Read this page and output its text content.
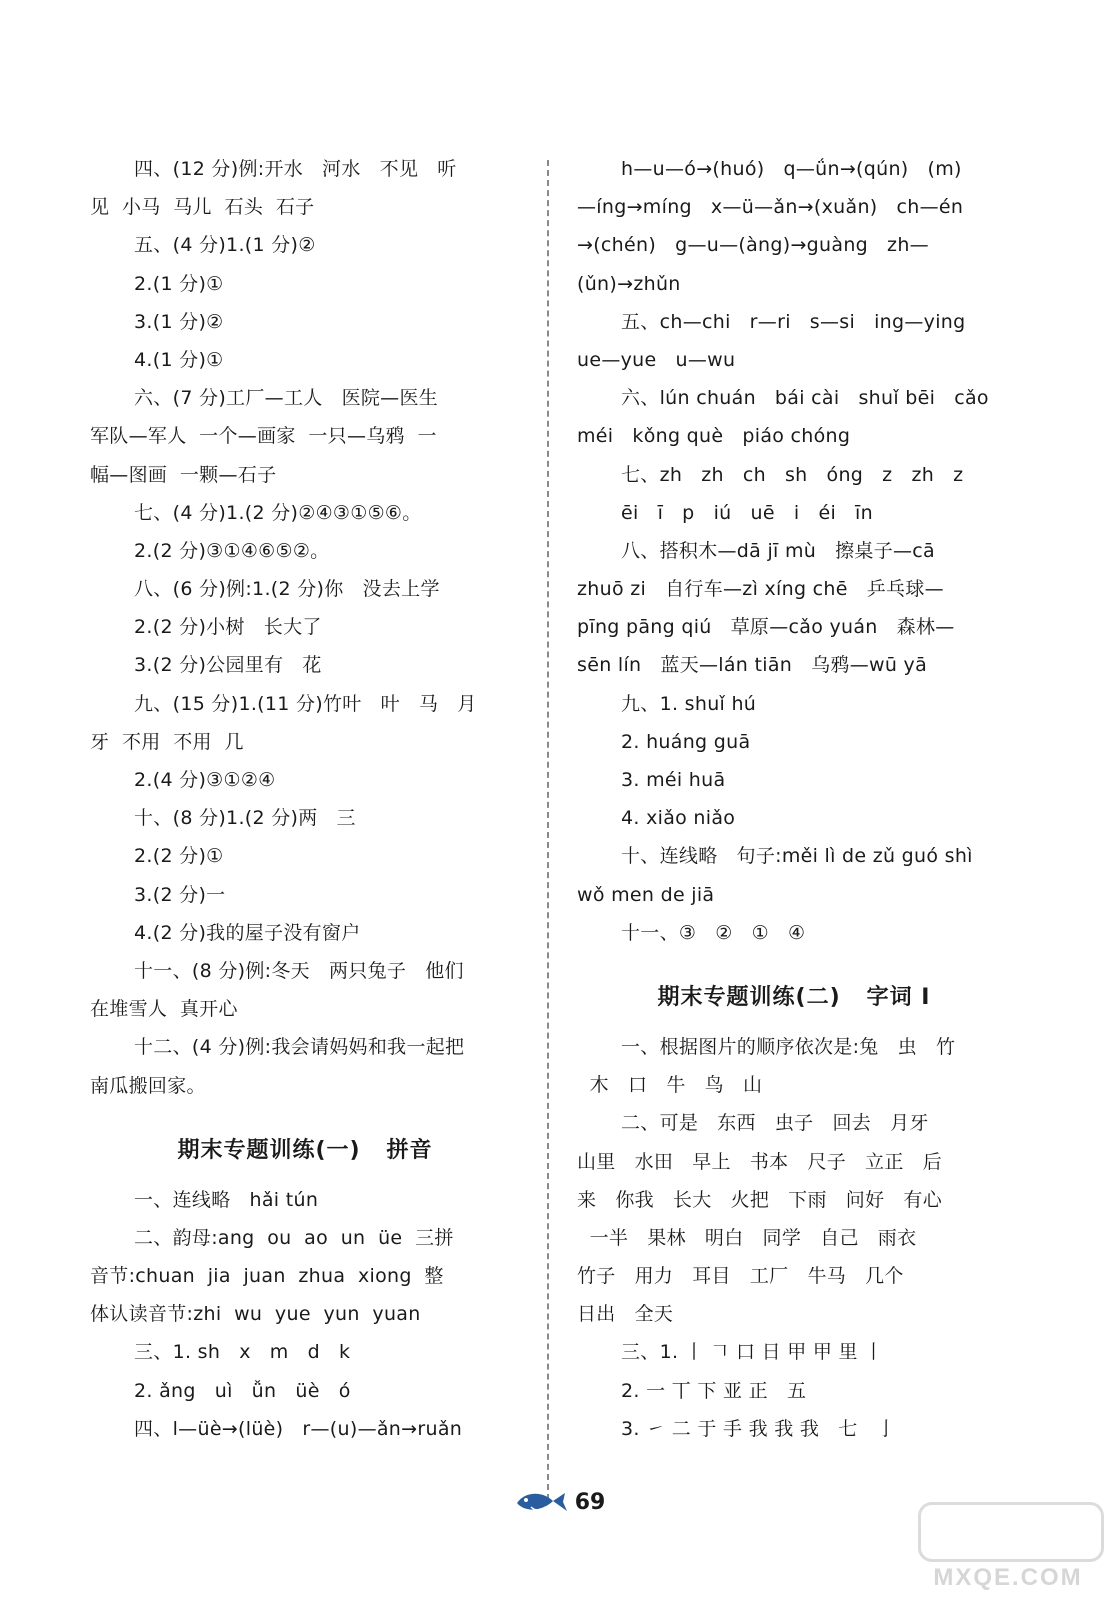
四、(12 分)例:开水   河水   不见   听
见  小马  马儿  石头  石子
五、(4 分)1.(1 分)②
2.(1 分)①
3.(1 分)②
4.(1 分)①
六、(7 分)工厂—工人   医院—医生
军队—军人  一个—画家  一只—乌鸦  一
幅—图画  一颗—石子
七、(4 分)1.(2 分)②④③①⑤⑥。
2.(2 分)③①④⑥⑤②。
八、(6 分)例:1.(2 分)你   没去上学
2.(2 分)小树   长大了
3.(2 分)公园里有   花
九、(15 分)1.(11 分)竹叶   叶   马   月
牙  不用  不用  几
2.(4 分)③①②④
十、(8 分)1.(2 分)两   三
2.(2 分)①
3.(2 分)一
4.(2 分)我的屋子没有窗户
十一、(8 分)例:冬天   两只兔子   他们
在堆雪人  真开心
十二、(4 分)例:我会请妈妈和我一起把
南瓜搬回家。
期末专题训练(一)   拼音
一、连线略   hǎi tún
二、韵母:ang  ou  ao  un  üe  三拼
音节:chuan  jia  juan  zhua  xiong  整
体认读音节:zhi  wu  yue  yun  yuan
三、1. sh   x   m   d   k
2. ǎng   uì   ǚn   üè   ó
四、l—üè→(lüè)   r—(u)—ǎn→ruǎn
h—u—ó→(huó)   q—ǘn→(qún)   (m)
—íng→míng   x—ü—ǎn→(xuǎn)   ch—én
→(chén)   g—u—(àng)→guàng   zh—
(ǔn)→zhǔn
五、ch—chi   r—ri   s—si   ing—ying
ue—yue   u—wu
六、lún chuán   bái cài   shuǐ bēi   cǎo
méi   kǒng què   piáo chóng
七、zh   zh   ch   sh   óng   z   zh   z
ēi   ī   p   iú   uē   i   éi   īn
八、搭积木—dā jī mù   擦桌子—cā
zhuō zi   自行车—zì xíng chē   乒乓球—
pīng pāng qiú   草原—cǎo yuán   森林—
sēn lín   蓝天—lán tiān   乌鸦—wū yā
九、1. shuǐ hú
2. huáng guā
3. méi huā
4. xiǎo niǎo
十、连线略   句子:měi lì de zǔ guó shì
wǒ men de jiā
十一、③   ②   ①   ④
期末专题训练(二)   字词 Ⅰ
一、根据图片的顺序依次是:兔   虫   竹
木   口   牛   鸟   山
二、可是   东西   虫子   回去   月牙
山里   水田   早上   书本   尺子   立正   后
来   你我   长大   火把   下雨   问好   有心
一半   果林   明白   同学   自己   雨衣
竹子   用力   耳目   工厂   牛马   几个
日出   全天
三、1. 丨 𠃍 口 日 甲 甲 里 丨
2. 一 丅 下 亚 正   五
3. ㇀ 二 于 手 我 我 我   七   亅
69
MXQE.COM
